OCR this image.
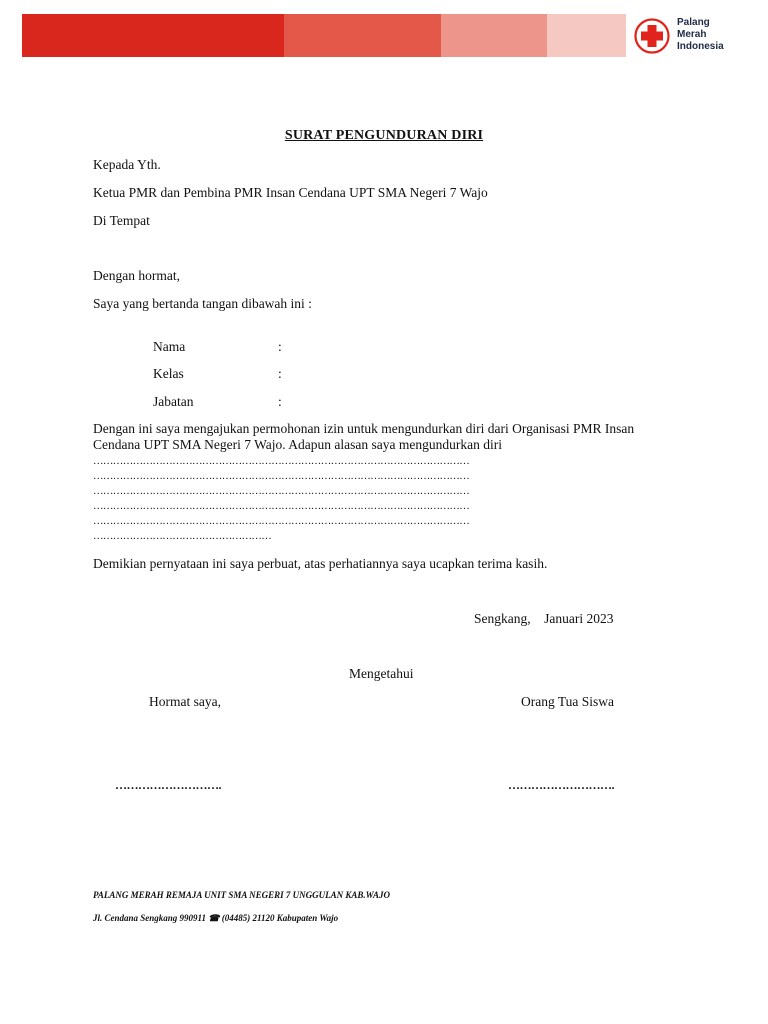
Palang
Merah
Indonesia
SURAT PENGUNDURAN DIRI
Kepada Yth.
Ketua PMR dan Pembina PMR Insan Cendana UPT SMA Negeri 7 Wajo
Di Tempat
Dengan hormat,
Saya yang bertanda tangan dibawah ini :
Nama	:
Kelas	:
Jabatan	:
Dengan ini saya mengajukan permohonan izin untuk mengundurkan diri dari Organisasi PMR Insan Cendana UPT SMA Negeri 7 Wajo. Adapun alasan saya mengundurkan diri
……………………………………………………………………………………………………
……………………………………………………………………………………………………
……………………………………………………………………………………………………
……………………………………………………………………………………………………
……………………………………………………………………………………………………
………………………………………………
Demikian pernyataan ini saya perbuat, atas perhatiannya saya ucapkan terima kasih.
Sengkang,    Januari 2023
Mengetahui
Hormat saya,	Orang Tua Siswa
……………………….	……………………….
PALANG MERAH REMAJA UNIT SMA NEGERI 7 UNGGULAN KAB.WAJO
Jl. Cendana Sengkang 990911 ☎ (04485) 21120 Kabupaten Wajo
